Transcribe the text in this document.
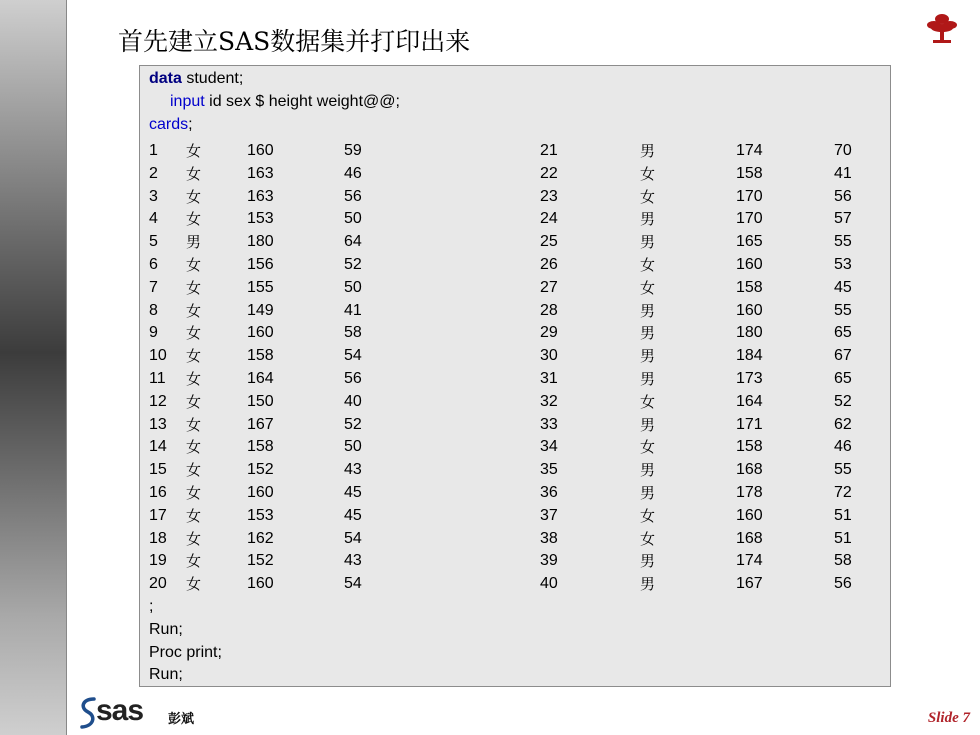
首先建立SAS数据集并打印出来
data student;
input id sex $ height weight@@;
cards;
1 女	160	59	21	男	174	70
2 女	163	46	22	女	158	41
3 女	163	56	23	女	170	56
4 女	153	50	24	男	170	57
5 男	180	64	25	男	165	55
6 女	156	52	26	女	160	53
7 女	155	50	27	女	158	45
8 女	149	41	28	男	160	55
9 女	160	58	29	男	180	65
10 女	158	54	30	男	184	67
11 女	164	56	31	男	173	65
12 女	150	40	32	女	164	52
13 女	167	52	33	男	171	62
14 女	158	50	34	女	158	46
15 女	152	43	35	男	168	55
16 女	160	45	36	男	178	72
17 女	153	45	37	女	160	51
18 女	162	54	38	女	168	51
19 女	152	43	39	男	174	58
20 女	160	54	40	男	167	56
;
Run;
Proc print;
Run;
sas 彭斌	Slide 7
